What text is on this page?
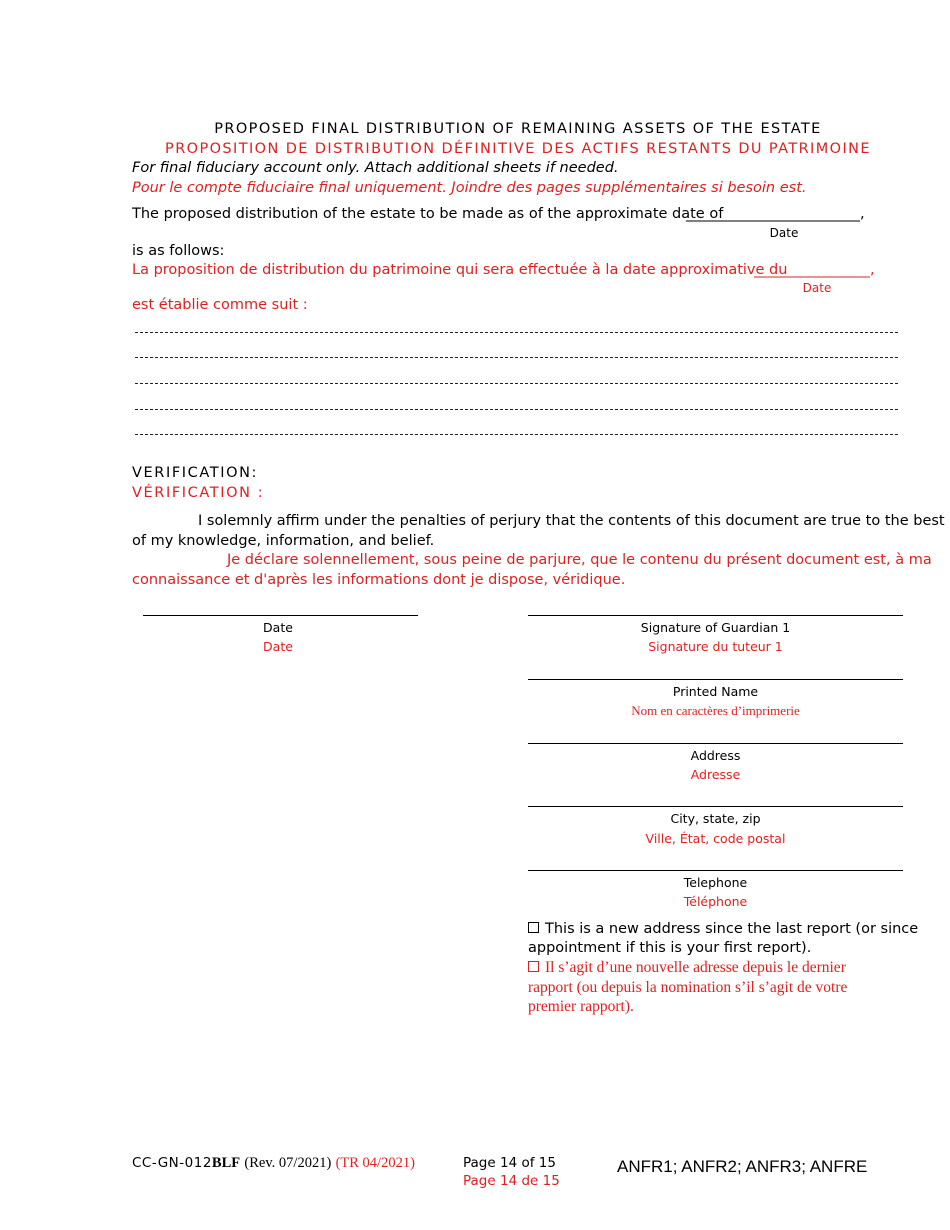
PROPOSED FINAL DISTRIBUTION OF REMAINING ASSETS OF THE ESTATE
PROPOSITION DE DISTRIBUTION DÉFINITIVE DES ACTIFS RESTANTS DU PATRIMOINE
For final fiduciary account only. Attach additional sheets if needed.
Pour le compte fiduciaire final uniquement. Joindre des pages supplémentaires si besoin est.
The proposed distribution of the estate to be made as of the approximate date of
________________________,
Date
is as follows:
La proposition de distribution du patrimoine qui sera effectuée à la date approximative du
________________,
Date
est établie comme suit :
VERIFICATION:
VÉRIFICATION :
I solemnly affirm under the penalties of perjury that the contents of this document are true to the best
of my knowledge, information, and belief.
Je déclare solennellement, sous peine de parjure, que le contenu du présent document est, à ma
connaissance et d'après les informations dont je dispose, véridique.
Date
Date
Signature of Guardian 1
Signature du tuteur 1
Printed Name
Nom en caractères d’imprimerie
Address
Adresse
City, state, zip
Ville, État, code postal
Telephone
Téléphone
This is a new address since the last report (or since
appointment if this is your first report).
Il s’agit d’une nouvelle adresse depuis le dernier
rapport (ou depuis la nomination s’il s’agit de votre
premier rapport).
CC-GN-012BLF (Rev. 07/2021) (TR 04/2021)	Page 14 of 15
Page 14 de 15
ANFR1; ANFR2; ANFR3; ANFRE
